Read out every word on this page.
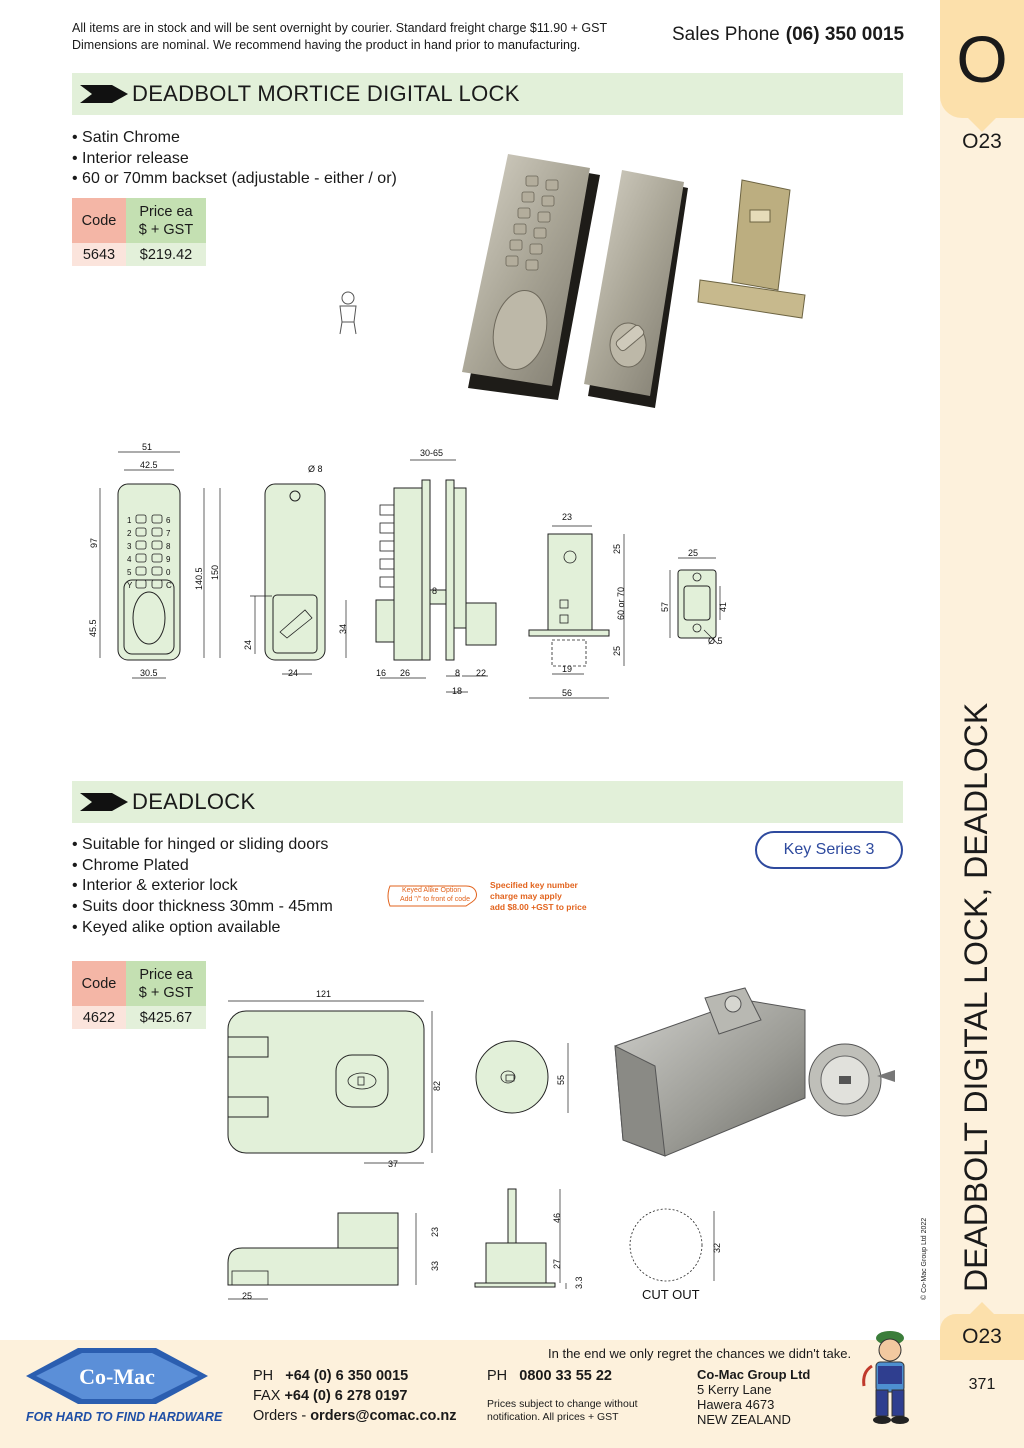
All items are in stock and will be sent overnight by courier. Standard freight charge $11.90 + GST
Dimensions are nominal. We recommend having the product in hand prior to manufacturing.	Sales Phone (06) 350 0015 O
O23
DEADBOLT DIGITAL LOCK, DEADLOCK
© Co-Mac Group Ltd 2022
O23
371
DEADBOLT MORTICE DIGITAL LOCK
• Satin Chrome
• Interior release
• 60 or 70mm backset (adjustable - either / or)
Code
Price ea
$ + GST
5643	$219.42
51
42.5
97
45.5
140.5 150
30.5
Ø 8
24
24
34
30-65
8
16 26	8 22
18
23
25
60 or 70
25
19
56
25
57	41
Ø 5
1
2
3
4
5
Y
6
7
8
9
0
C
DEADLOCK
• Suitable for hinged or sliding doors
• Chrome Plated
• Interior & exterior lock
• Suits door thickness 30mm - 45mm
• Keyed alike option available
Key Series 3
Keyed Alike Option
Add "/" to front of code
Specified key number
charge may apply
add $8.00 +GST to price
Code
Price ea
$ + GST
4622	$425.67
121
82
37
55
23
33
25
46
27
3.3
32
CUT OUT
In the end we only regret the chances we didn't take.
Co-Mac
FOR HARD TO FIND HARDWARE
PH +64 (0) 6 350 0015
FAX +64 (0) 6 278 0197
Orders - orders@comac.co.nz
PH 0800 33 55 22
Prices subject to change without
notification. All prices + GST
Co-Mac Group Ltd
5 Kerry Lane
Hawera 4673
NEW ZEALAND
